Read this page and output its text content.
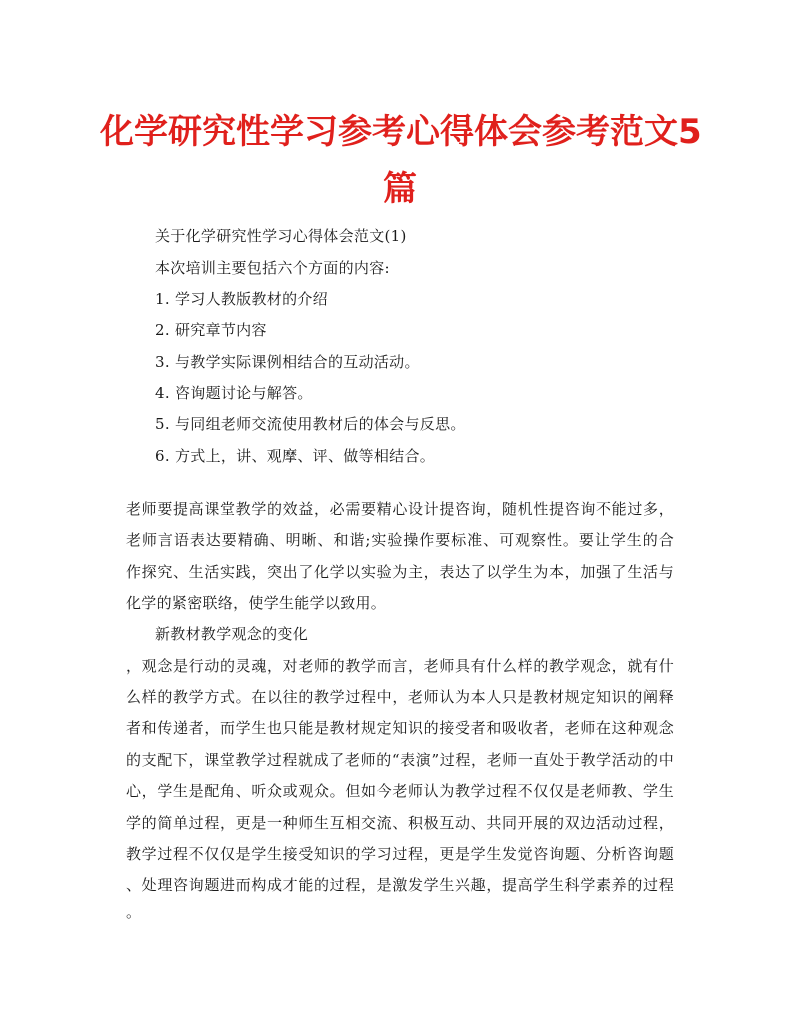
化学研究性学习参考心得体会参考范文5
篇
关于化学研究性学习心得体会范文(1)
本次培训主要包括六个方面的内容:
1. 学习人教版教材的介绍
2. 研究章节内容
3. 与教学实际课例相结合的互动活动。
4. 咨询题讨论与解答。
5. 与同组老师交流使用教材后的体会与反思。
6. 方式上，讲、观摩、评、做等相结合。
老师要提高课堂教学的效益，必需要精心设计提咨询，随机性提咨询不能过多，
老师言语表达要精确、明晰、和谐;实验操作要标准、可观察性。要让学生的合
作探究、生活实践，突出了化学以实验为主，表达了以学生为本，加强了生活与
化学的紧密联络，使学生能学以致用。
新教材教学观念的变化
，观念是行动的灵魂，对老师的教学而言，老师具有什么样的教学观念，就有什
么样的教学方式。在以往的教学过程中，老师认为本人只是教材规定知识的阐释
者和传递者，而学生也只能是教材规定知识的接受者和吸收者，老师在这种观念
的支配下，课堂教学过程就成了老师的“表演”过程，老师一直处于教学活动的中
心，学生是配角、听众或观众。但如今老师认为教学过程不仅仅是老师教、学生
学的简单过程，更是一种师生互相交流、积极互动、共同开展的双边活动过程，
教学过程不仅仅是学生接受知识的学习过程，更是学生发觉咨询题、分析咨询题
、处理咨询题进而构成才能的过程，是激发学生兴趣，提高学生科学素养的过程
。
